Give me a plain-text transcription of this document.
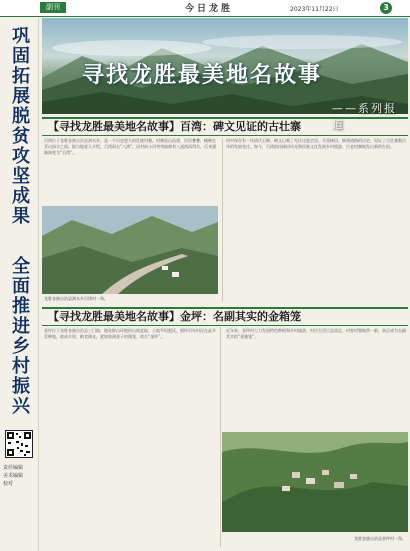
副刊	今日龙胜	2023年11月22日	3
巩固拓展脱贫攻坚成果
全面推进乡村振兴
责任编辑
美术编辑
校对
寻找龙胜最美地名故事
——系列报道
【寻找龙胜最美地名故事】百湾：碑文见证的古壮寨
百湾位于龙胜各族自治县泗水乡，是一个历史悠久的壮族村寨。村寨依山而建，层层叠叠，掩映在青山绿水之间。据当地老人介绍，百湾原名“八湾”，因村前小河弯弯曲曲有八道湾而得名，后来逐渐演变为“百湾”。
村中保存有一块清代石碑，碑文记载了先民迁徙定居、开垦梯田、修建道路的历史，见证了古壮寨数百年的发展变迁。如今，百湾依托梯田风光和民族文化发展乡村旅游，古老村寨焕发出新的生机。
龙胜各族自治县泗水乡百湾村一角。
【寻找龙胜最美地名故事】金坪：名副其实的金箱笼
金坪位于龙胜各族自治县三门镇，地处群山环抱的山间盆地，土地平坦肥沃。相传早年村民在此开荒种地，收成丰厚，粮食满仓，犹如装满金子的箱笼，故名“金坪”。
近年来，金坪村大力发展特色种植和乡村旅游，村民生活日益富足，村容村貌焕然一新，真正成为名副其实的“金箱笼”。
龙胜各族自治县金坪村一角。
